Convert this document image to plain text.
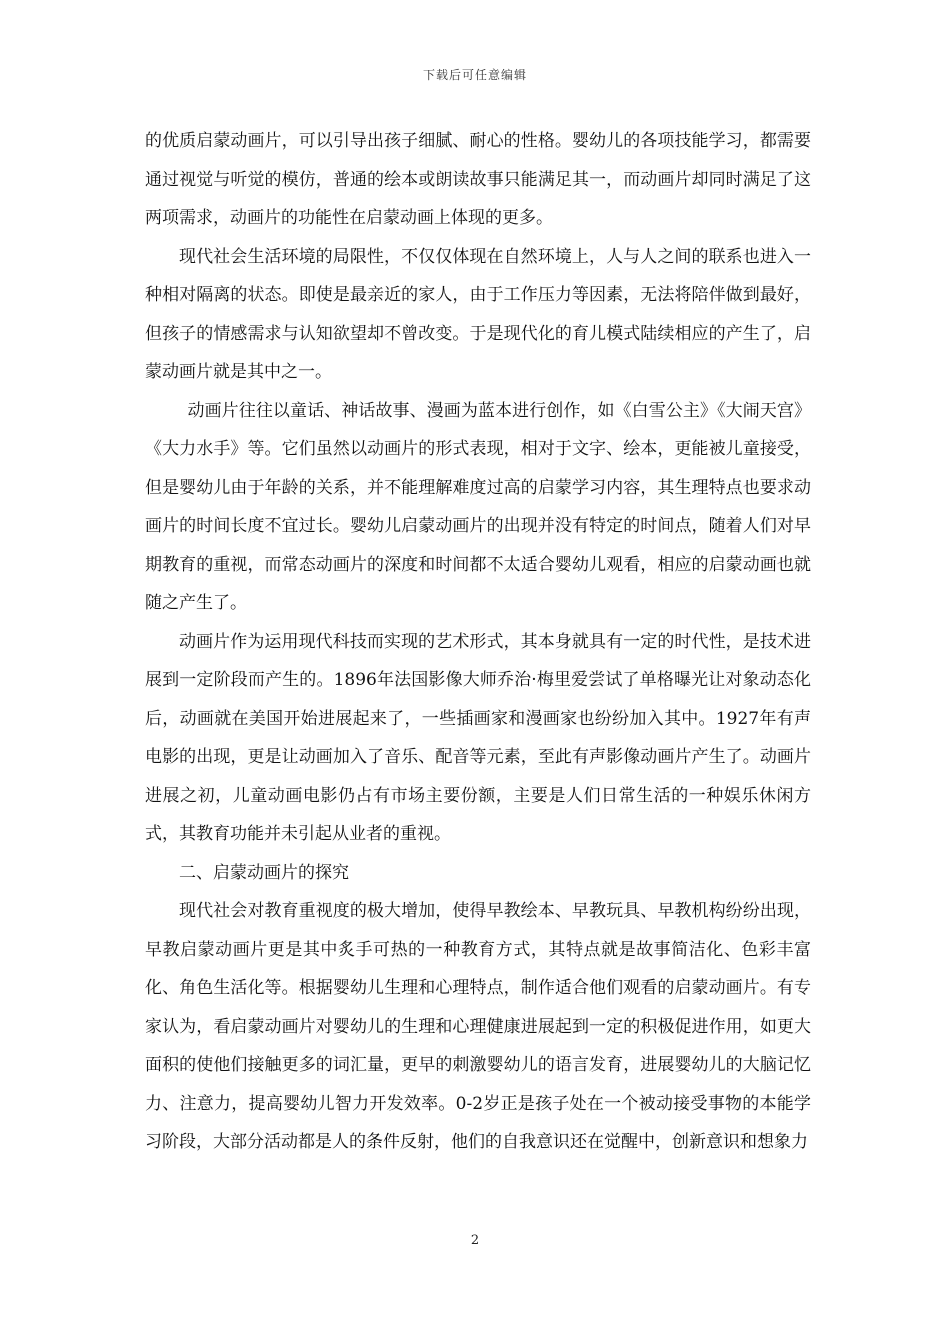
下载后可任意编辑

的优质启蒙动画片，可以引导出孩子细腻、耐心的性格。婴幼儿的各项技能学习，都需要通过视觉与听觉的模仿，普通的绘本或朗读故事只能满足其一，而动画片却同时满足了这两项需求，动画片的功能性在启蒙动画上体现的更多。

现代社会生活环境的局限性，不仅仅体现在自然环境上，人与人之间的联系也进入一种相对隔离的状态。即使是最亲近的家人，由于工作压力等因素，无法将陪伴做到最好，但孩子的情感需求与认知欲望却不曾改变。于是现代化的育儿模式陆续相应的产生了，启蒙动画片就是其中之一。

动画片往往以童话、神话故事、漫画为蓝本进行创作，如《白雪公主》《大闹天宫》《大力水手》等。它们虽然以动画片的形式表现，相对于文字、绘本，更能被儿童接受，但是婴幼儿由于年龄的关系，并不能理解难度过高的启蒙学习内容，其生理特点也要求动画片的时间长度不宜过长。婴幼儿启蒙动画片的出现并没有特定的时间点，随着人们对早期教育的重视，而常态动画片的深度和时间都不太适合婴幼儿观看，相应的启蒙动画也就随之产生了。

动画片作为运用现代科技而实现的艺术形式，其本身就具有一定的时代性，是技术进展到一定阶段而产生的。1896年法国影像大师乔治·梅里爱尝试了单格曝光让对象动态化后，动画就在美国开始进展起来了，一些插画家和漫画家也纷纷加入其中。1927年有声电影的出现，更是让动画加入了音乐、配音等元素，至此有声影像动画片产生了。动画片进展之初，儿童动画电影仍占有市场主要份额，主要是人们日常生活的一种娱乐休闲方式，其教育功能并未引起从业者的重视。

二、启蒙动画片的探究

现代社会对教育重视度的极大增加，使得早教绘本、早教玩具、早教机构纷纷出现，早教启蒙动画片更是其中炙手可热的一种教育方式，其特点就是故事简洁化、色彩丰富化、角色生活化等。根据婴幼儿生理和心理特点，制作适合他们观看的启蒙动画片。有专家认为，看启蒙动画片对婴幼儿的生理和心理健康进展起到一定的积极促进作用，如更大面积的使他们接触更多的词汇量，更早的刺激婴幼儿的语言发育，进展婴幼儿的大脑记忆力、注意力，提高婴幼儿智力开发效率。0-2岁正是孩子处在一个被动接受事物的本能学习阶段，大部分活动都是人的条件反射，他们的自我意识还在觉醒中，创新意识和想象力

2
